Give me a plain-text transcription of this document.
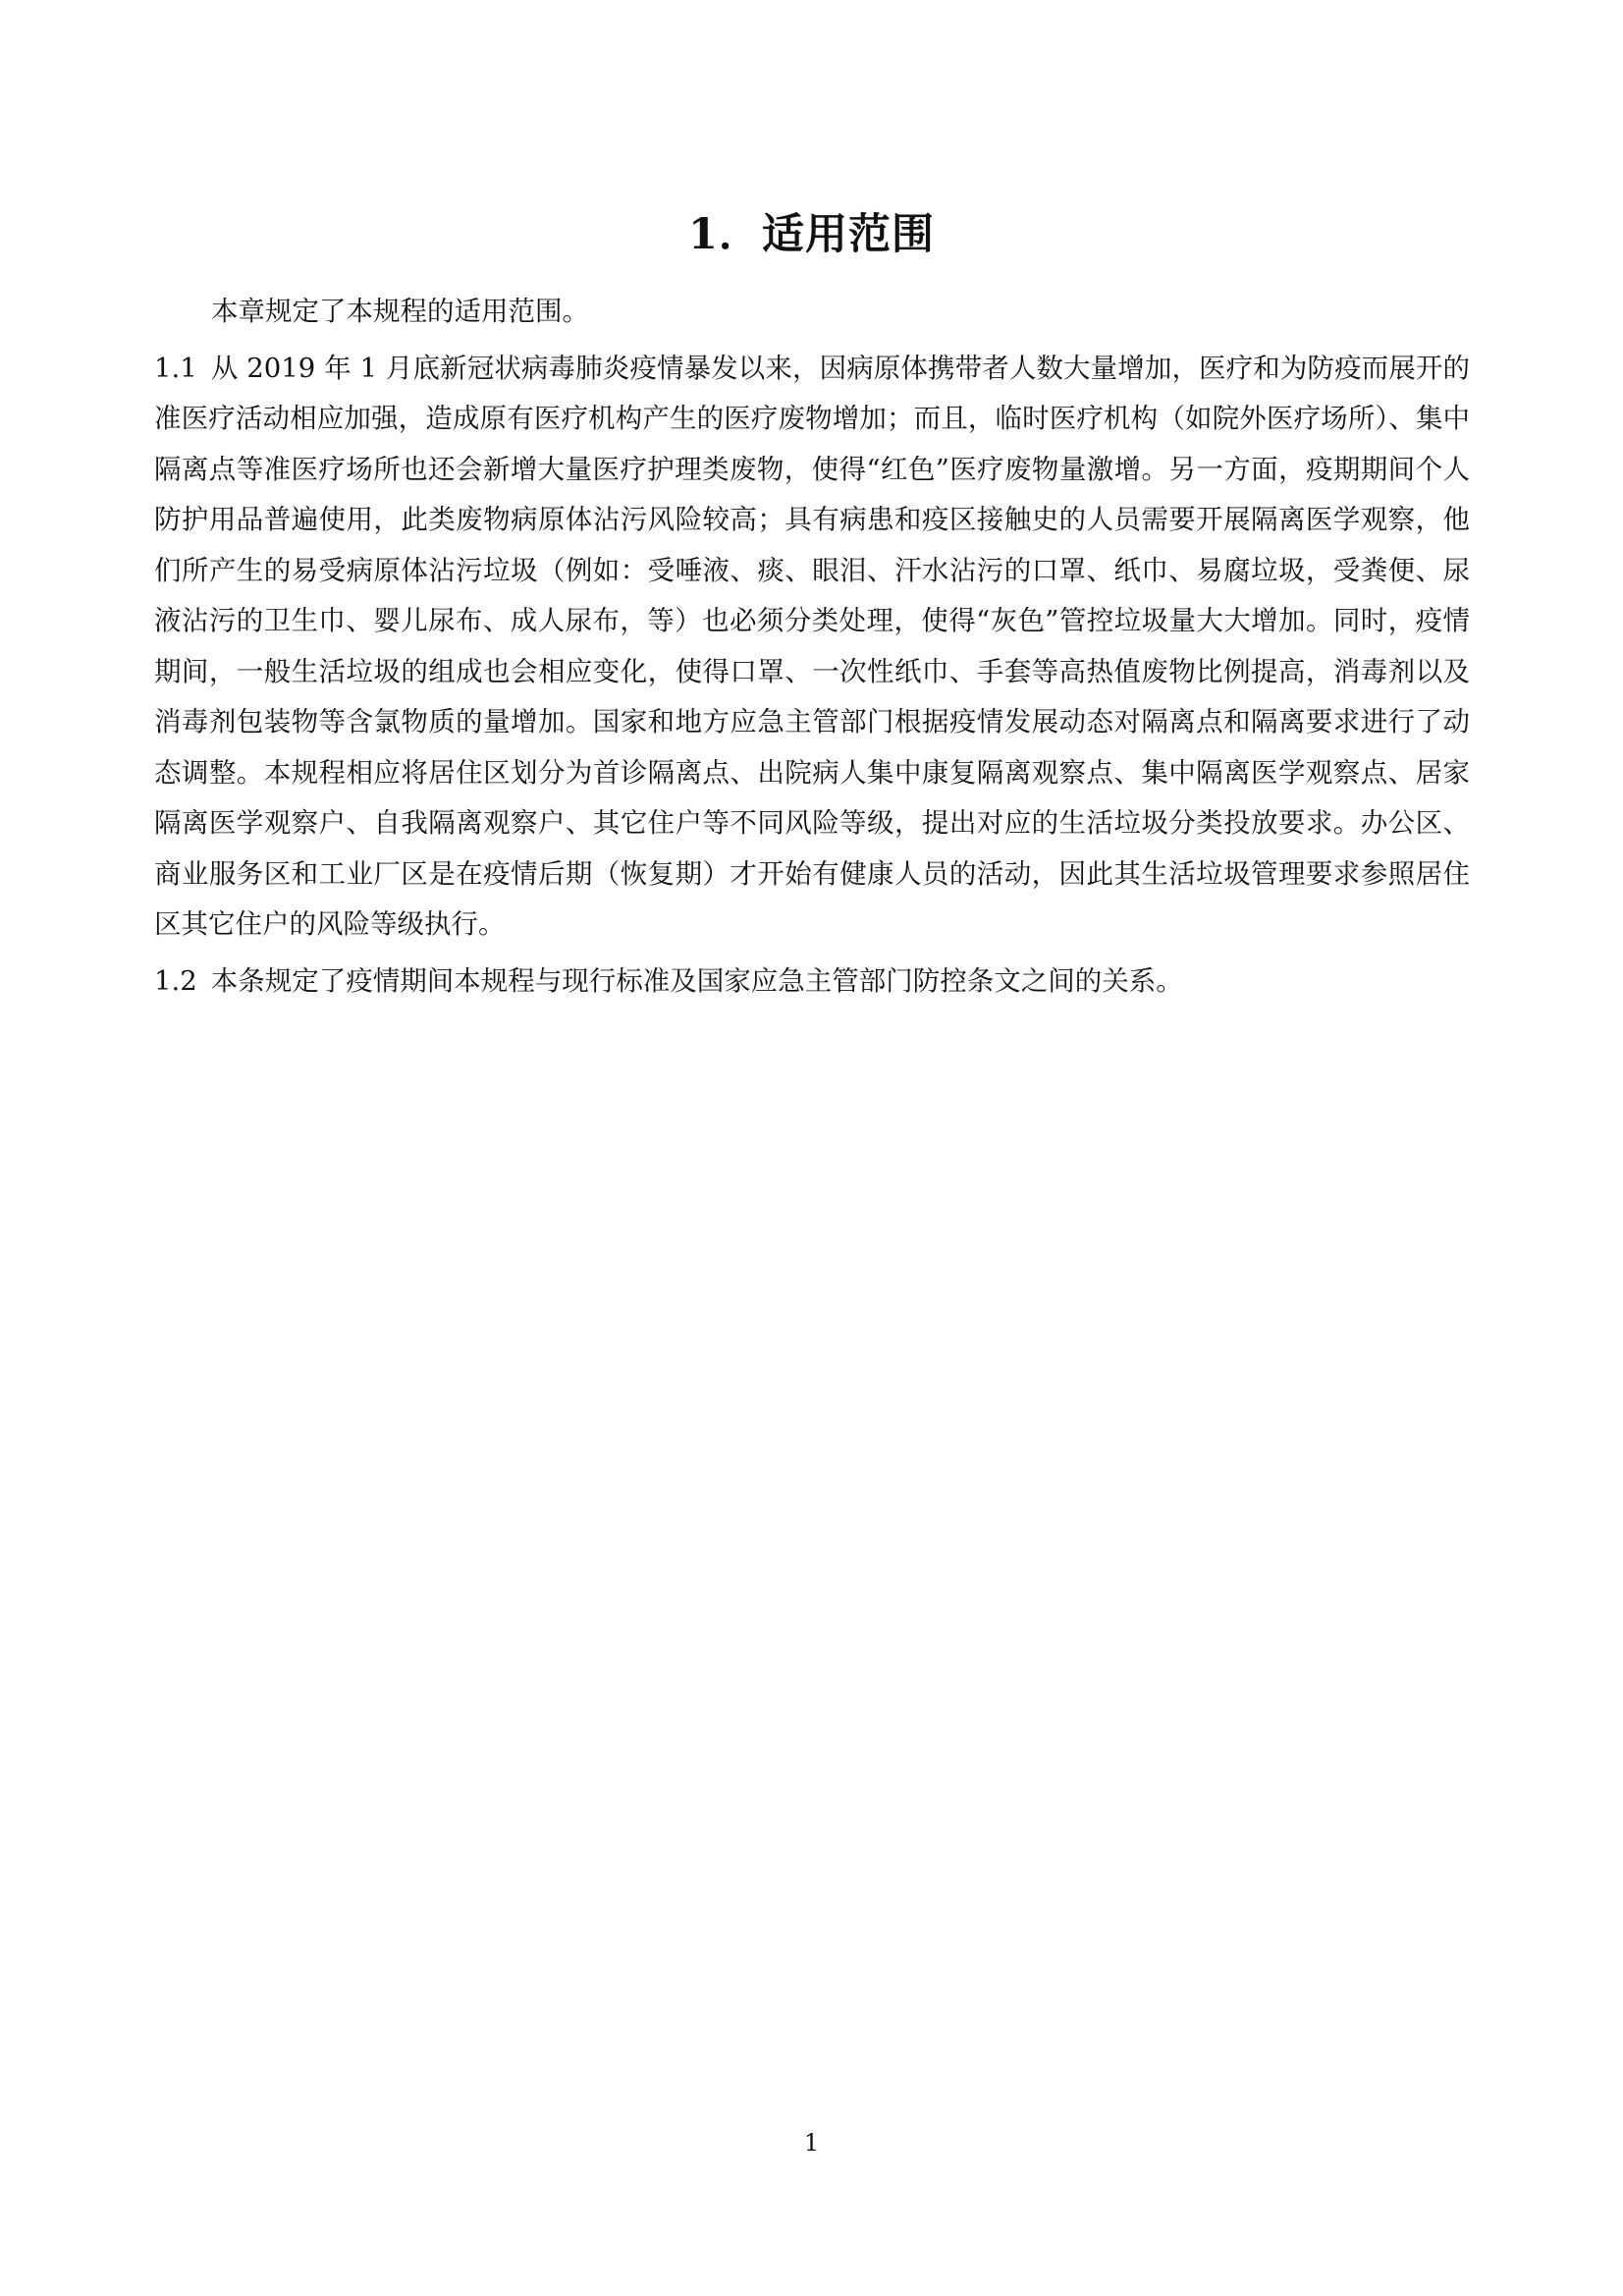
1．适用范围

本章规定了本规程的适用范围。

1.1 从 2019 年 1 月底新冠状病毒肺炎疫情暴发以来，因病原体携带者人数大量增加，医疗和为防疫而展开的准医疗活动相应加强，造成原有医疗机构产生的医疗废物增加；而且，临时医疗机构（如院外医疗场所）、集中隔离点等准医疗场所也还会新增大量医疗护理类废物，使得“红色”医疗废物量激增。另一方面，疫期期间个人防护用品普遍使用，此类废物病原体沾污风险较高；具有病患和疫区接触史的人员需要开展隔离医学观察，他们所产生的易受病原体沾污垃圾（例如：受唾液、痰、眼泪、汗水沾污的口罩、纸巾、易腐垃圾，受粪便、尿液沾污的卫生巾、婴儿尿布、成人尿布，等）也必须分类处理，使得“灰色”管控垃圾量大大增加。同时，疫情期间，一般生活垃圾的组成也会相应变化，使得口罩、一次性纸巾、手套等高热值废物比例提高，消毒剂以及消毒剂包装物等含氯物质的量增加。国家和地方应急主管部门根据疫情发展动态对隔离点和隔离要求进行了动态调整。本规程相应将居住区划分为首诊隔离点、出院病人集中康复隔离观察点、集中隔离医学观察点、居家隔离医学观察户、自我隔离观察户、其它住户等不同风险等级，提出对应的生活垃圾分类投放要求。办公区、商业服务区和工业厂区是在疫情后期（恢复期）才开始有健康人员的活动，因此其生活垃圾管理要求参照居住区其它住户的风险等级执行。

1.2 本条规定了疫情期间本规程与现行标准及国家应急主管部门防控条文之间的关系。

1
